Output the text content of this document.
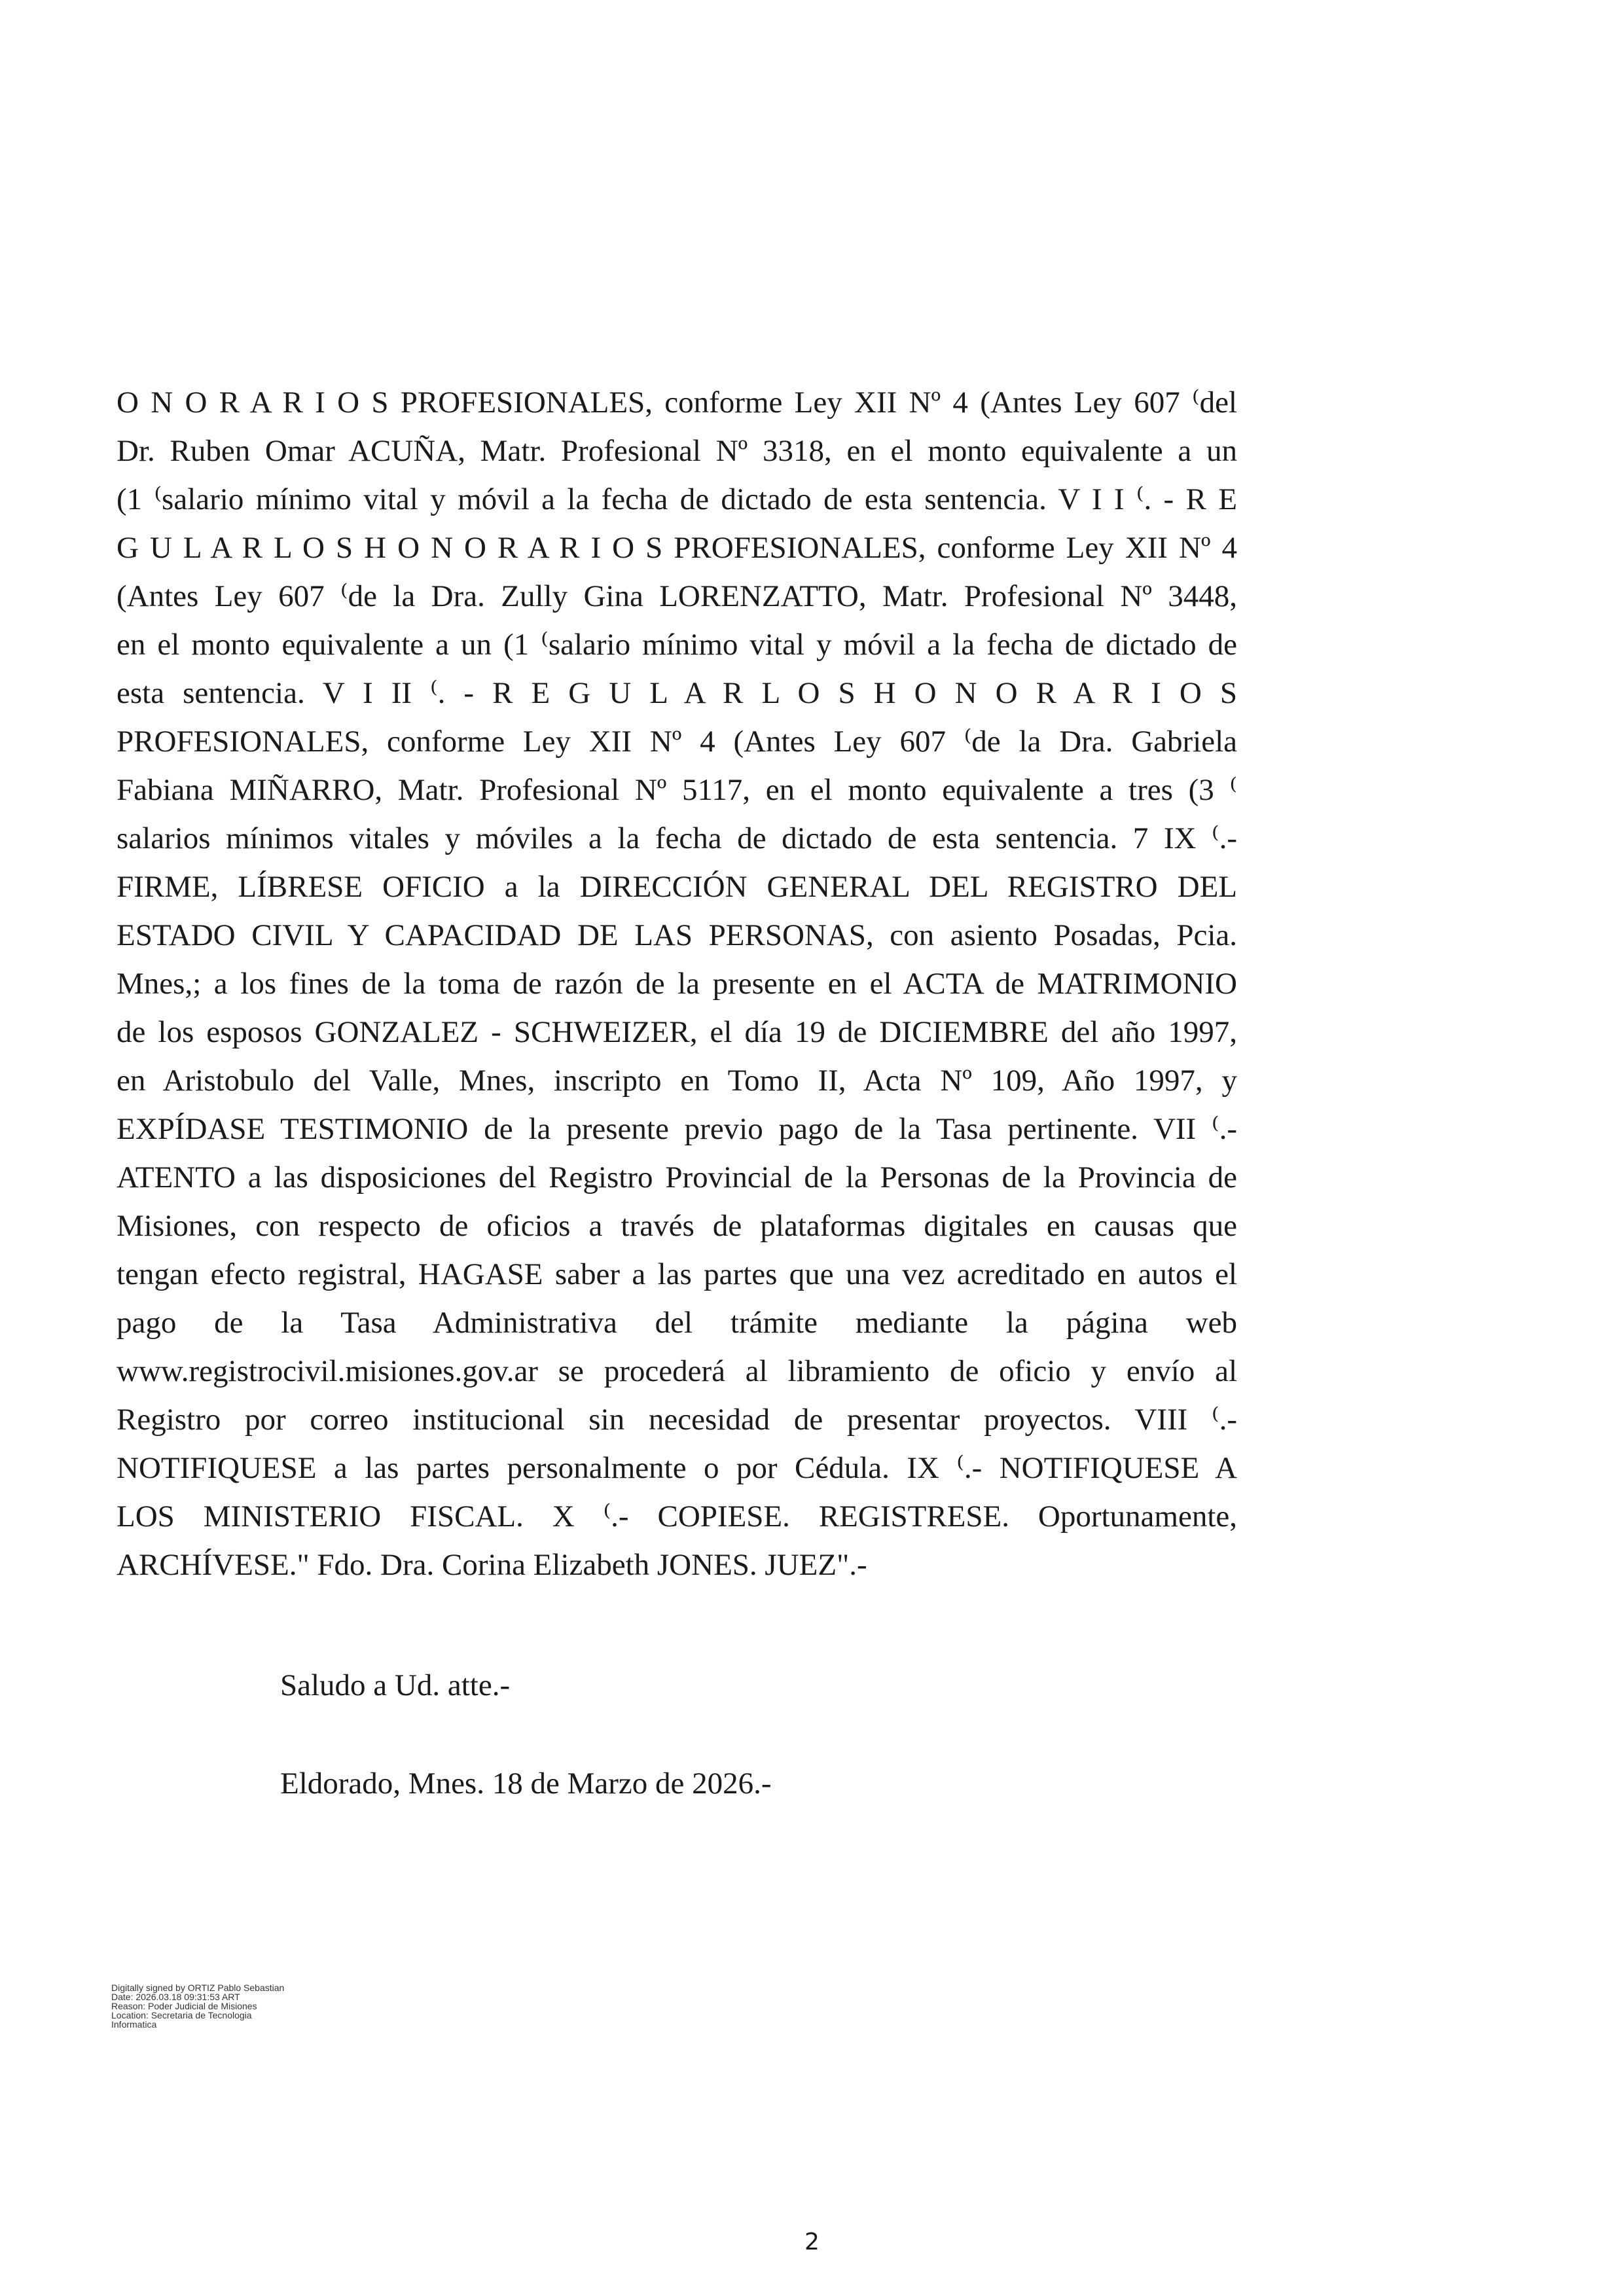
O N O R A R I O S PROFESIONALES, conforme Ley XII Nº 4 (Antes Ley 607 ⁽del
Dr. Ruben Omar ACUÑA, Matr. Profesional Nº 3318, en el monto equivalente a un
(1 ⁽salario mínimo vital y móvil a la fecha de dictado de esta sentencia. V I I ⁽. - R E
G U L A R L O S H O N O R A R I O S PROFESIONALES, conforme Ley XII Nº 4
(Antes Ley 607 ⁽de la Dra. Zully Gina LORENZATTO, Matr. Profesional Nº 3448,
en el monto equivalente a un (1 ⁽salario mínimo vital y móvil a la fecha de dictado de
esta sentencia. V I II ⁽. - R E G U L A R L O S H O N O R A R I O S
PROFESIONALES, conforme Ley XII Nº 4 (Antes Ley 607 ⁽de la Dra. Gabriela
Fabiana MIÑARRO, Matr. Profesional Nº 5117, en el monto equivalente a tres (3 ⁽
salarios mínimos vitales y móviles a la fecha de dictado de esta sentencia. 7 IX ⁽.-
FIRME, LÍBRESE OFICIO a la DIRECCIÓN GENERAL DEL REGISTRO DEL
ESTADO CIVIL Y CAPACIDAD DE LAS PERSONAS, con asiento Posadas, Pcia.
Mnes,; a los fines de la toma de razón de la presente en el ACTA de MATRIMONIO
de los esposos GONZALEZ - SCHWEIZER, el día 19 de DICIEMBRE del año 1997,
en Aristobulo del Valle, Mnes, inscripto en Tomo II, Acta Nº 109, Año 1997, y
EXPÍDASE TESTIMONIO de la presente previo pago de la Tasa pertinente. VII ⁽.-
ATENTO a las disposiciones del Registro Provincial de la Personas de la Provincia de
Misiones, con respecto de oficios a través de plataformas digitales en causas que
tengan efecto registral, HAGASE saber a las partes que una vez acreditado en autos el
pago de la Tasa Administrativa del trámite mediante la página web
www.registrocivil.misiones.gov.ar se procederá al libramiento de oficio y envío al
Registro por correo institucional sin necesidad de presentar proyectos. VIII ⁽.-
NOTIFIQUESE a las partes personalmente o por Cédula. IX ⁽.- NOTIFIQUESE A
LOS MINISTERIO FISCAL. X ⁽.- COPIESE. REGISTRESE. Oportunamente,
ARCHÍVESE." Fdo. Dra. Corina Elizabeth JONES. JUEZ".-
Saludo a Ud. atte.-
Eldorado, Mnes. 18 de Marzo de 2026.-
Digitally signed by ORTIZ Pablo Sebastian
Date: 2026.03.18 09:31:53 ART
Reason: Poder Judicial de Misiones
Location: Secretaria de Tecnologia
Informatica
2
